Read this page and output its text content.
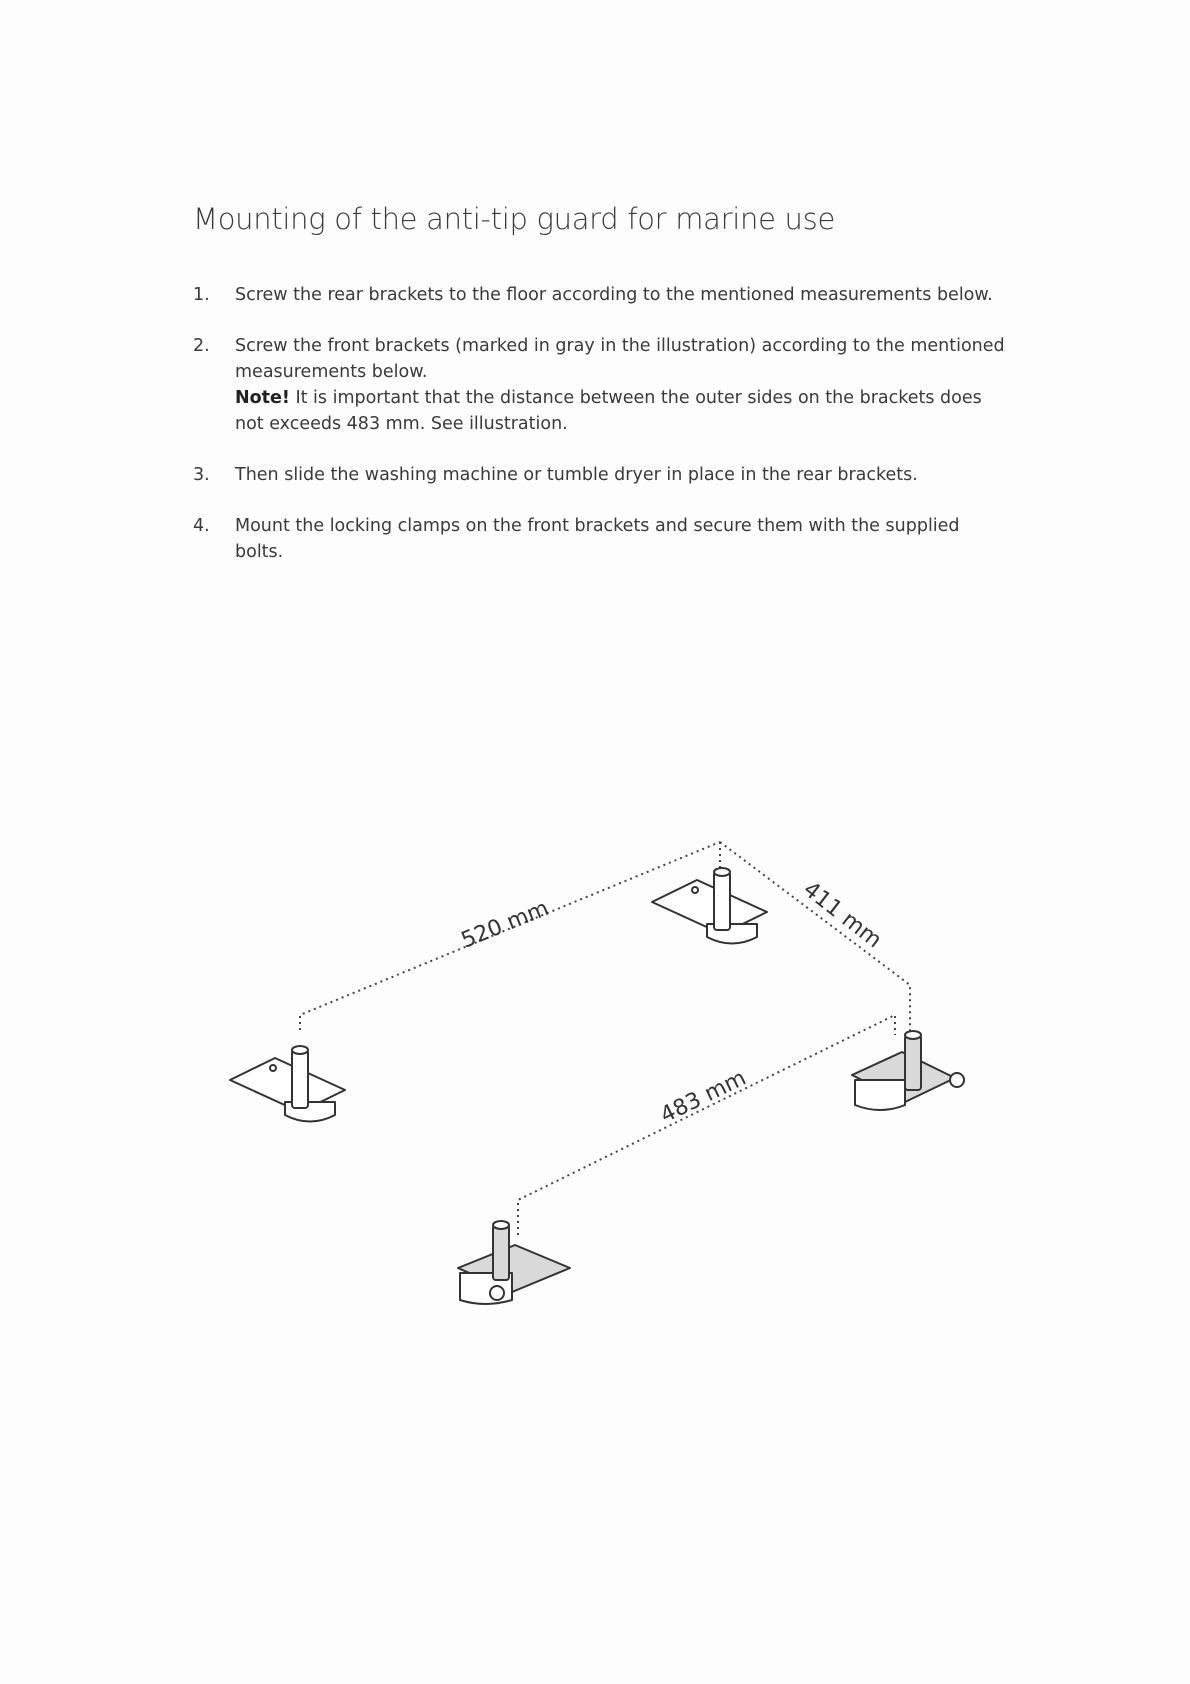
Mounting of the anti-tip guard for marine use
1.	Screw the rear brackets to the floor according to the mentioned measurements below.
2.	Screw the front brackets (marked in gray in the illustration) according to the mentioned measurements below.
Note! It is important that the distance between the outer sides on the brackets does not exceeds 483 mm. See illustration.
3.	Then slide the washing machine or tumble dryer in place in the rear brackets.
4.	Mount the locking clamps on the front brackets and secure them with the supplied bolts.
520 mm	411 mm
483 mm
